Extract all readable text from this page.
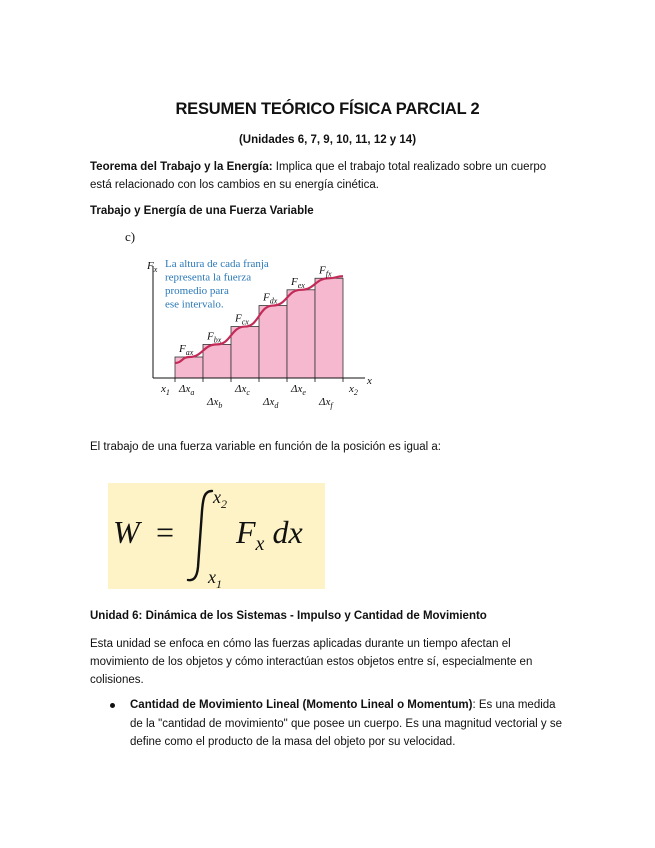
RESUMEN TEÓRICO FÍSICA PARCIAL 2
(Unidades 6, 7, 9, 10, 11, 12 y 14)
Teorema del Trabajo y la Energía: Implica que el trabajo total realizado sobre un cuerpo está relacionado con los cambios en su energía cinética.
Trabajo y Energía de una Fuerza Variable
c)
$F_x$
x
La altura de cada franja
representa la fuerza
promedio para
ese intervalo.
$F_{ax}$
$\Delta x_a$
$F_{bx}$
$\Delta x_b$
$F_{cx}$
$\Delta x_c$
$F_{dx}$
$\Delta x_d$
$F_{ex}$
$\Delta x_e$
$F_{fx}$
$\Delta x_f$
$x_1$	$x_2$
El trabajo de una fuerza variable en función de la posición es igual a:
W =
$x_2$
$x_1$
$F_x$ dx
Unidad 6: Dinámica de los Sistemas - Impulso y Cantidad de Movimiento
Esta unidad se enfoca en cómo las fuerzas aplicadas durante un tiempo afectan el movimiento de los objetos y cómo interactúan estos objetos entre sí, especialmente en colisiones.
Cantidad de Movimiento Lineal (Momento Lineal o Momentum): Es una medida de la "cantidad de movimiento" que posee un cuerpo. Es una magnitud vectorial y se define como el producto de la masa del objeto por su velocidad.
